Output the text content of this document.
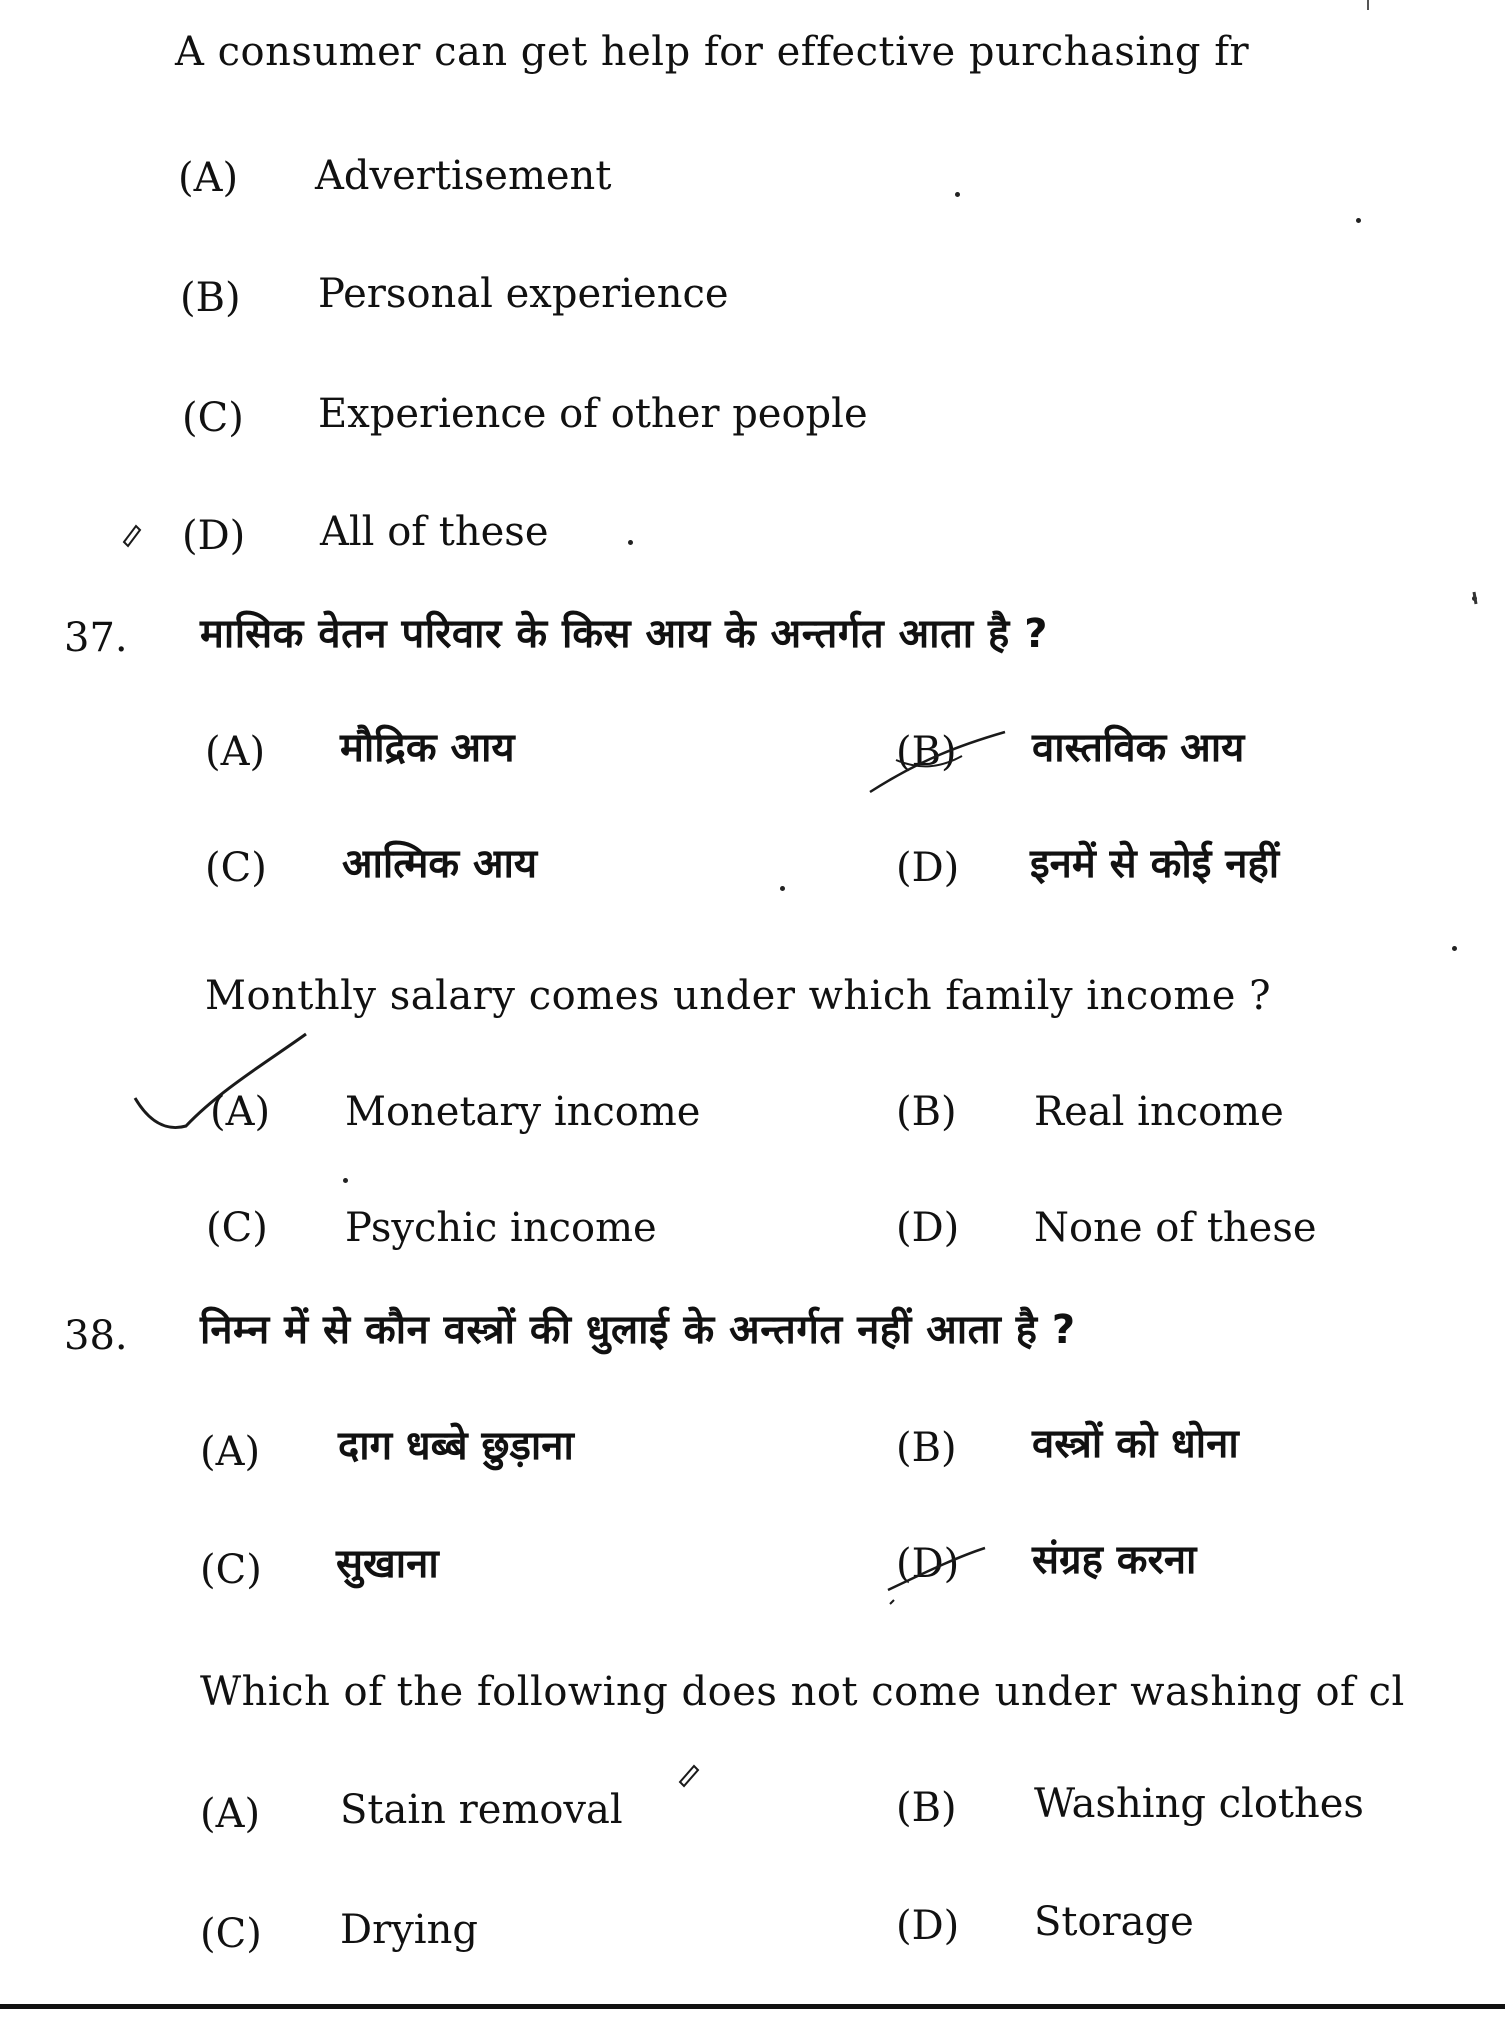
A consumer can get help for effective purchasing fr
(A) Advertisement
(B) Personal experience
(C) Experience of other people
(D) All of these
37. मासिक वेतन परिवार के किस आय के अन्तर्गत आता है ?
(A) मौद्रिक आय	(B) वास्तविक आय
(C) आत्मिक आय	(D) इनमें से कोई नहीं
Monthly salary comes under which family income ?
(A) Monetary income	(B) Real income
(C) Psychic income	(D) None of these
38. निम्न में से कौन वस्त्रों की धुलाई के अन्तर्गत नहीं आता है ?
(A) दाग धब्बे छुड़ाना	(B) वस्त्रों को धोना
(C) सुखाना	(D) संग्रह करना
Which of the following does not come under washing of cl
(A) Stain removal	(B) Washing clothes
(C) Drying	(D) Storage
